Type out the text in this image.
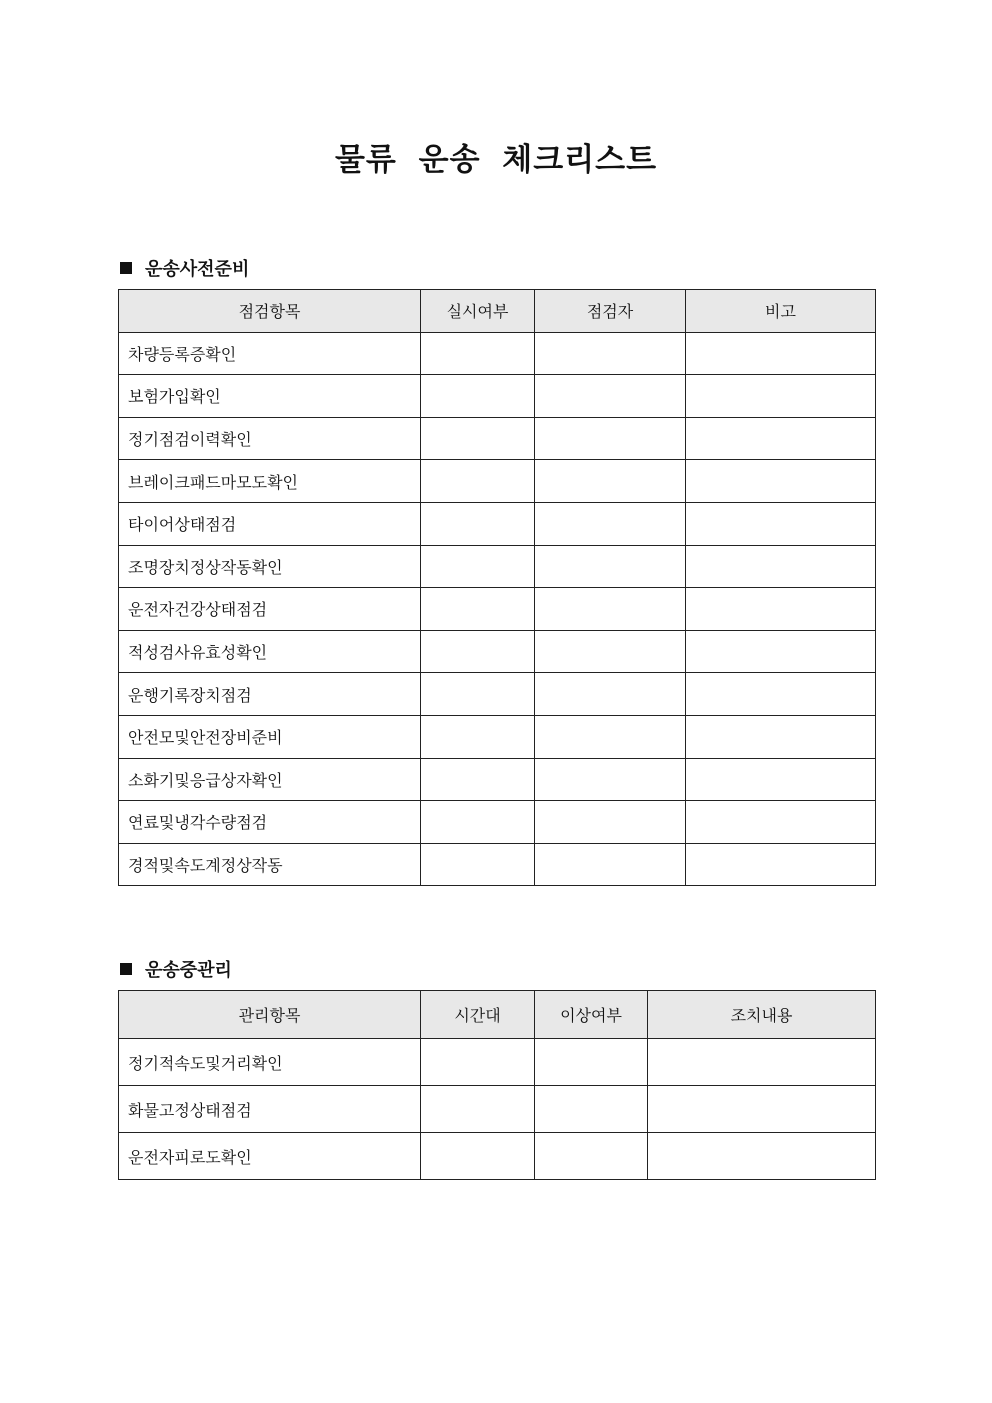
물류 운송 체크리스트
운송사전준비
점검항목	실시여부	점검자	비고
차량등록증확인			
보험가입확인			
정기점검이력확인			
브레이크패드마모도확인			
타이어상태점검			
조명장치정상작동확인			
운전자건강상태점검			
적성검사유효성확인			
운행기록장치점검			
안전모및안전장비준비			
소화기및응급상자확인			
연료및냉각수량점검			
경적및속도계정상작동			
운송중관리
관리항목	시간대	이상여부	조치내용
정기적속도및거리확인			
화물고정상태점검			
운전자피로도확인			
